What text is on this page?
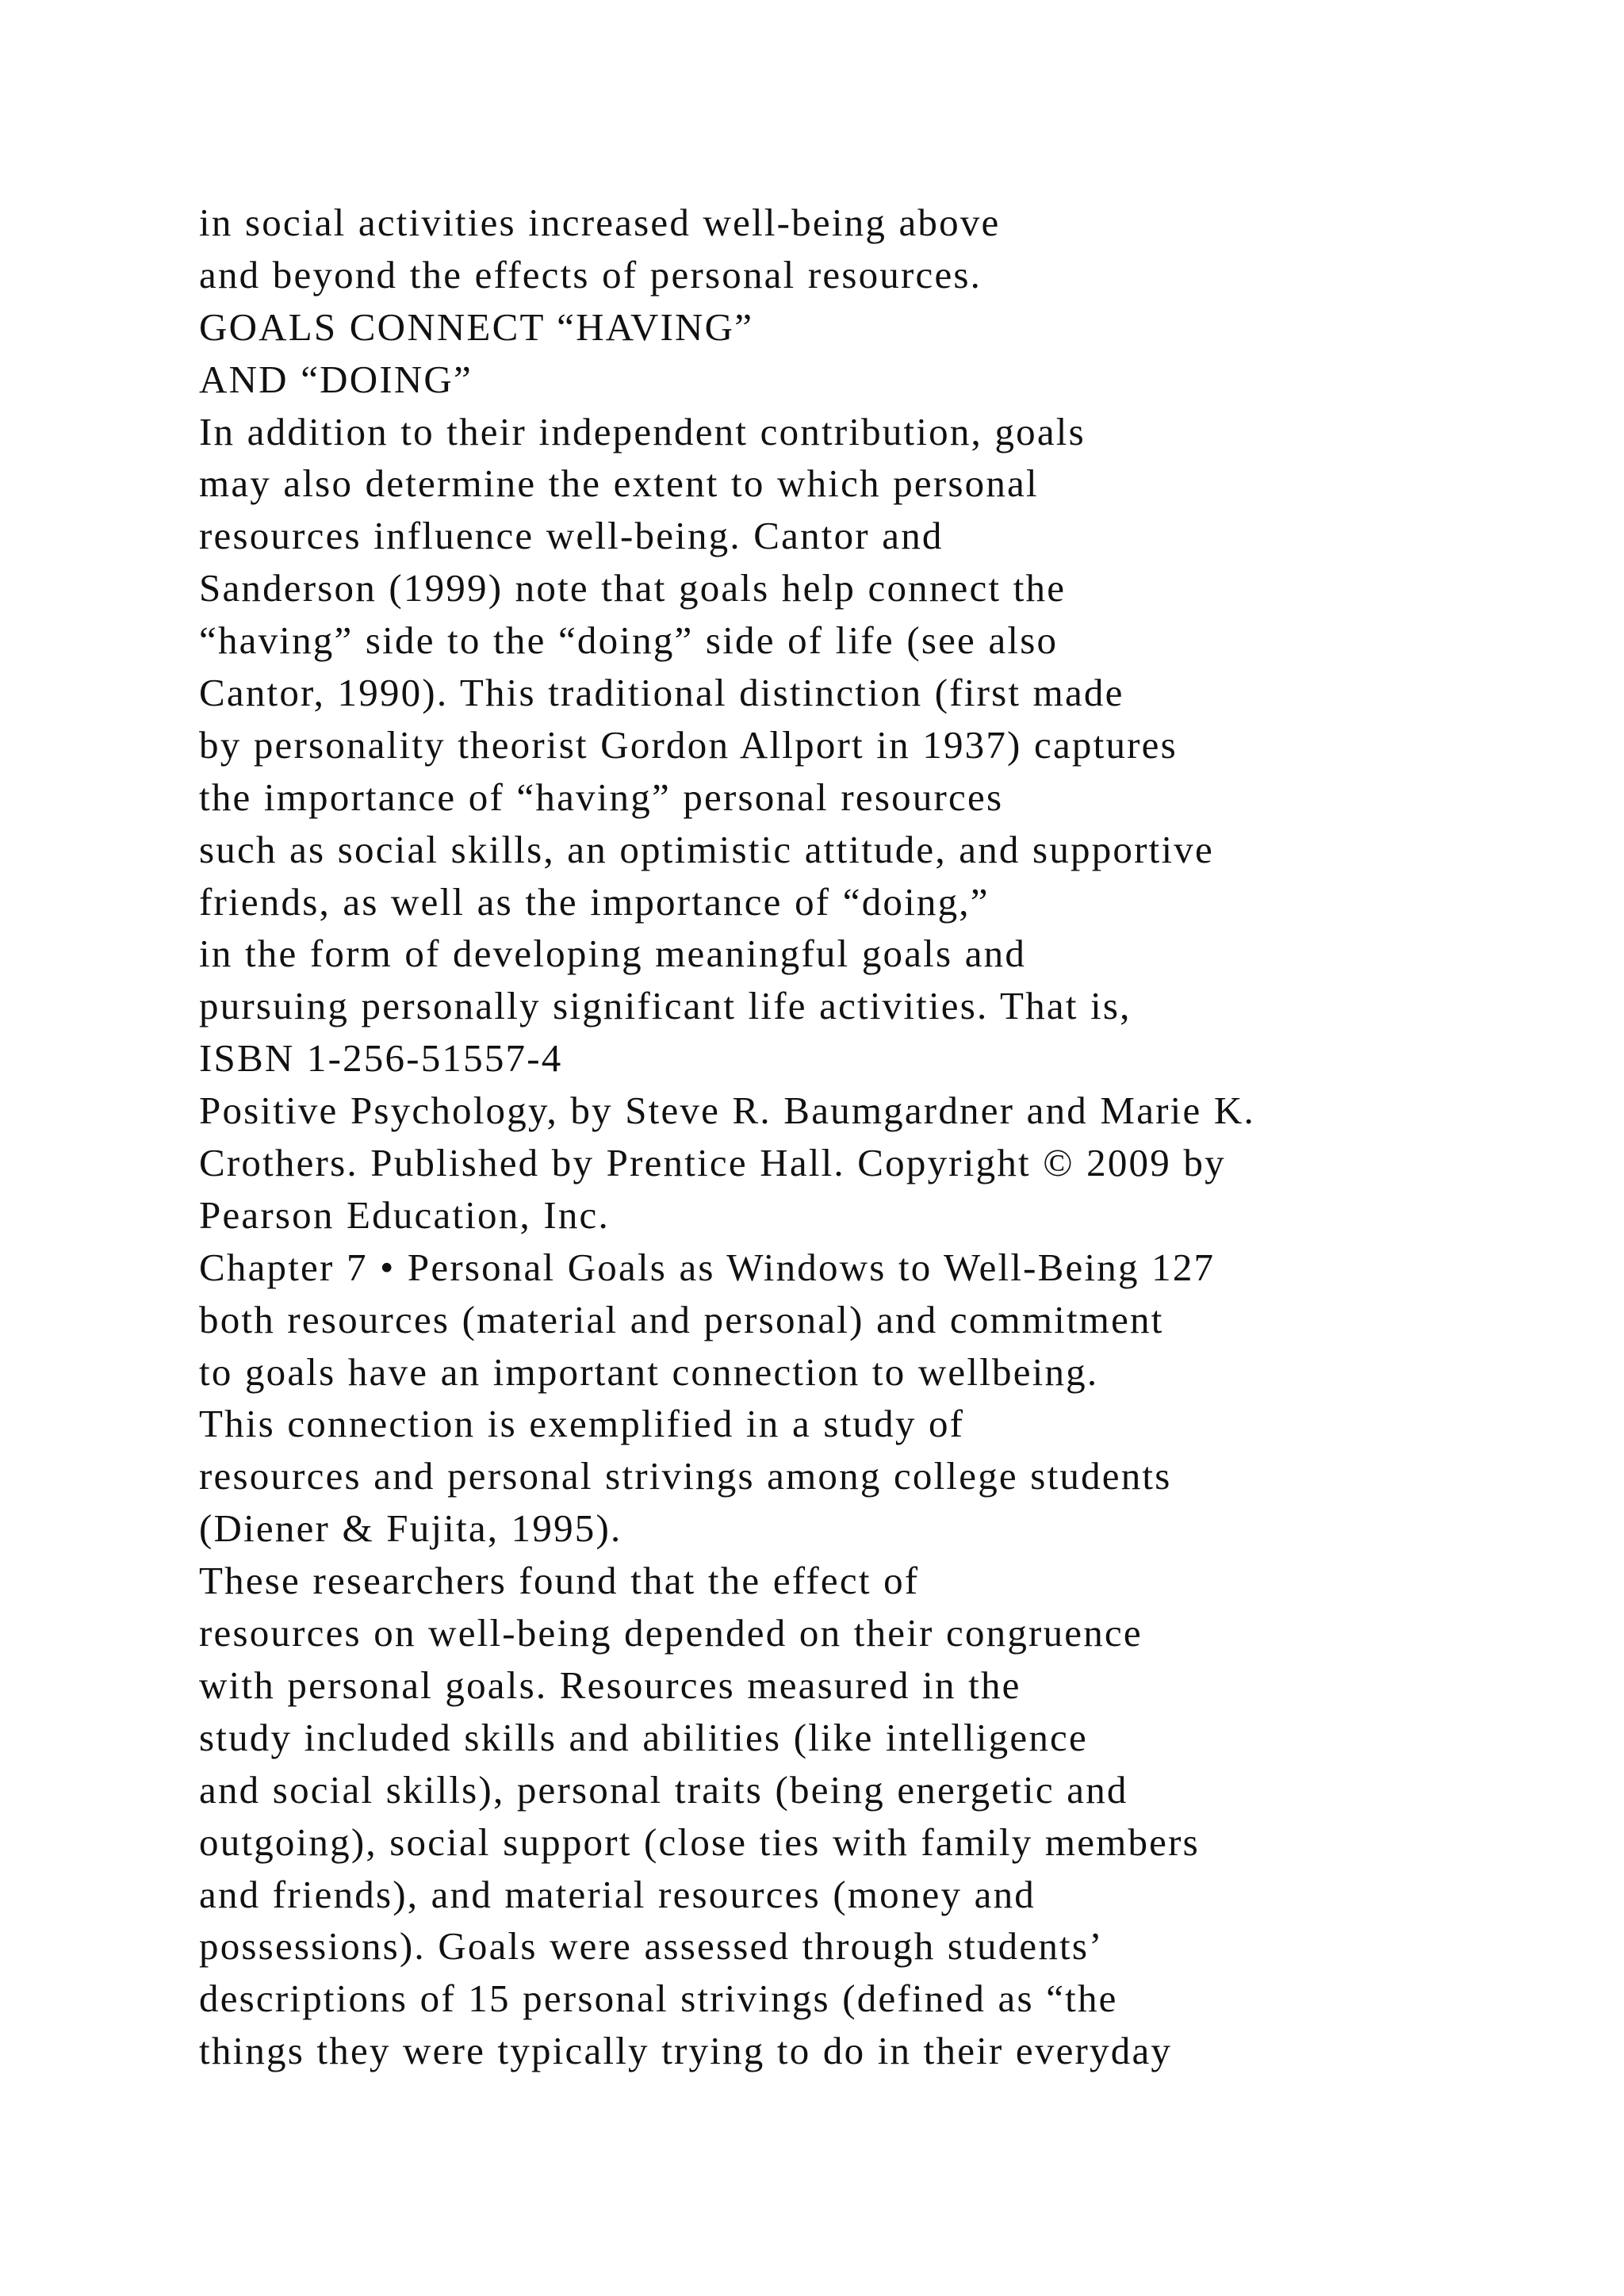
in social activities increased well-being above
and beyond the effects of personal resources.
GOALS CONNECT “HAVING”
AND “DOING”
In addition to their independent contribution, goals
may also determine the extent to which personal
resources influence well-being. Cantor and
Sanderson (1999) note that goals help connect the
“having” side to the “doing” side of life (see also
Cantor, 1990). This traditional distinction (first made
by personality theorist Gordon Allport in 1937) captures
the importance of “having” personal resources
such as social skills, an optimistic attitude, and supportive
friends, as well as the importance of “doing,”
in the form of developing meaningful goals and
pursuing personally significant life activities. That is,
ISBN 1-256-51557-4
Positive Psychology, by Steve R. Baumgardner and Marie K.
Crothers. Published by Prentice Hall. Copyright © 2009 by
Pearson Education, Inc.
Chapter 7 • Personal Goals as Windows to Well-Being 127
both resources (material and personal) and commitment
to goals have an important connection to wellbeing.
This connection is exemplified in a study of
resources and personal strivings among college students
(Diener & Fujita, 1995).
These researchers found that the effect of
resources on well-being depended on their congruence
with personal goals. Resources measured in the
study included skills and abilities (like intelligence
and social skills), personal traits (being energetic and
outgoing), social support (close ties with family members
and friends), and material resources (money and
possessions). Goals were assessed through students’
descriptions of 15 personal strivings (defined as “the
things they were typically trying to do in their everyday
